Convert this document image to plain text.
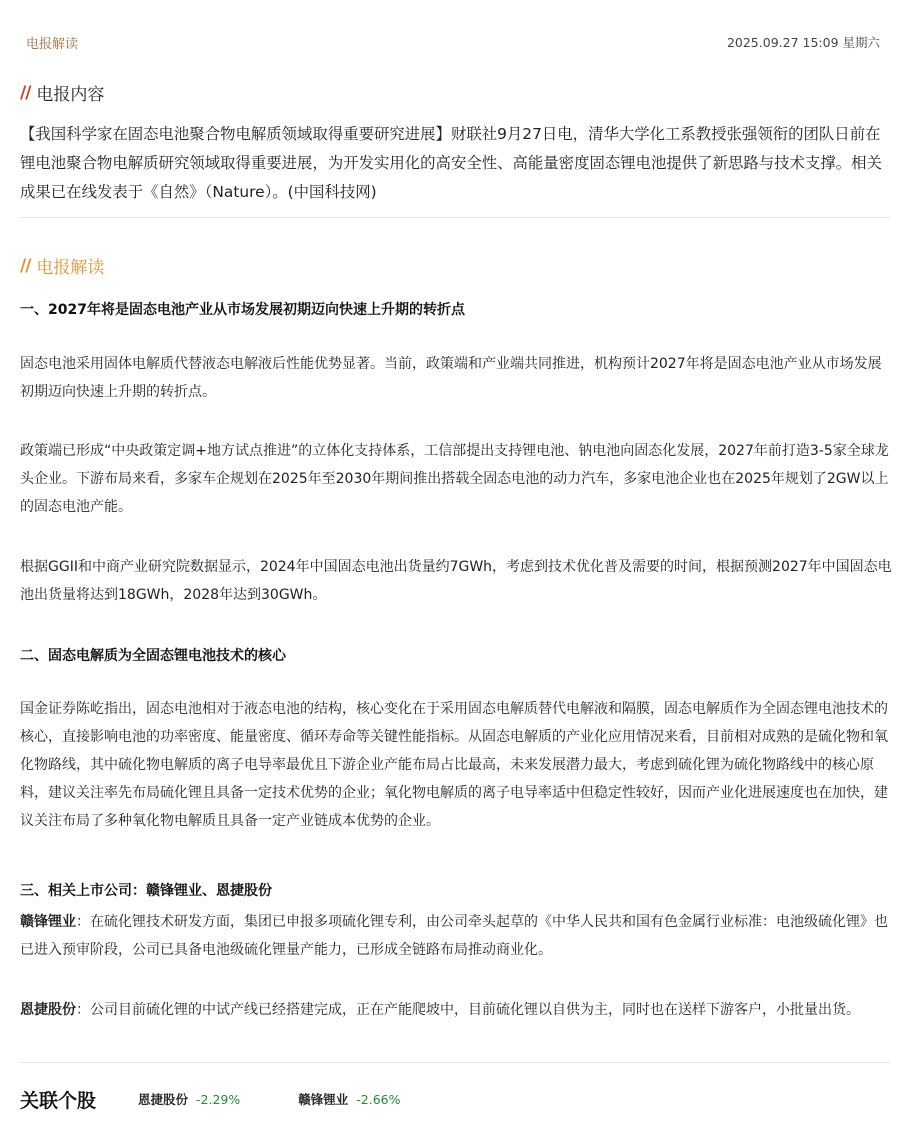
电报解读	2025.09.27 15:09 星期六
// 电报内容
【我国科学家在固态电池聚合物电解质领域取得重要研究进展】财联社9月27日电，清华大学化工系教授张强领衔的团队日前在锂电池聚合物电解质研究领域取得重要进展，为开发实用化的高安全性、高能量密度固态锂电池提供了新思路与技术支撑。相关成果已在线发表于《自然》（Nature）。(中国科技网)
// 电报解读
一、2027年将是固态电池产业从市场发展初期迈向快速上升期的转折点
固态电池采用固体电解质代替液态电解液后性能优势显著。当前，政策端和产业端共同推进，机构预计2027年将是固态电池产业从市场发展初期迈向快速上升期的转折点。
政策端已形成“中央政策定调+地方试点推进”的立体化支持体系，工信部提出支持锂电池、钠电池向固态化发展，2027年前打造3-5家全球龙头企业。下游布局来看，多家车企规划在2025年至2030年期间推出搭载全固态电池的动力汽车，多家电池企业也在2025年规划了2GW以上的固态电池产能。
根据GGII和中商产业研究院数据显示，2024年中国固态电池出货量约7GWh，考虑到技术优化普及需要的时间，根据预测2027年中国固态电池出货量将达到18GWh，2028年达到30GWh。
二、固态电解质为全固态锂电池技术的核心
国金证券陈屹指出，固态电池相对于液态电池的结构，核心变化在于采用固态电解质替代电解液和隔膜，固态电解质作为全固态锂电池技术的核心，直接影响电池的功率密度、能量密度、循环寿命等关键性能指标。从固态电解质的产业化应用情况来看，目前相对成熟的是硫化物和氧化物路线，其中硫化物电解质的离子电导率最优且下游企业产能布局占比最高，未来发展潜力最大，考虑到硫化锂为硫化物路线中的核心原料，建议关注率先布局硫化锂且具备一定技术优势的企业；氧化物电解质的离子电导率适中但稳定性较好，因而产业化进展速度也在加快，建议关注布局了多种氧化物电解质且具备一定产业链成本优势的企业。
三、相关上市公司：赣锋锂业、恩捷股份
赣锋锂业：在硫化锂技术研发方面，集团已申报多项硫化锂专利，由公司牵头起草的《中华人民共和国有色金属行业标准：电池级硫化锂》也已进入预审阶段，公司已具备电池级硫化锂量产能力，已形成全链路布局推动商业化。
恩捷股份：公司目前硫化锂的中试产线已经搭建完成，正在产能爬坡中，目前硫化锂以自供为主，同时也在送样下游客户，小批量出货。
关联个股	恩捷股份 -2.29%	赣锋锂业 -2.66%
